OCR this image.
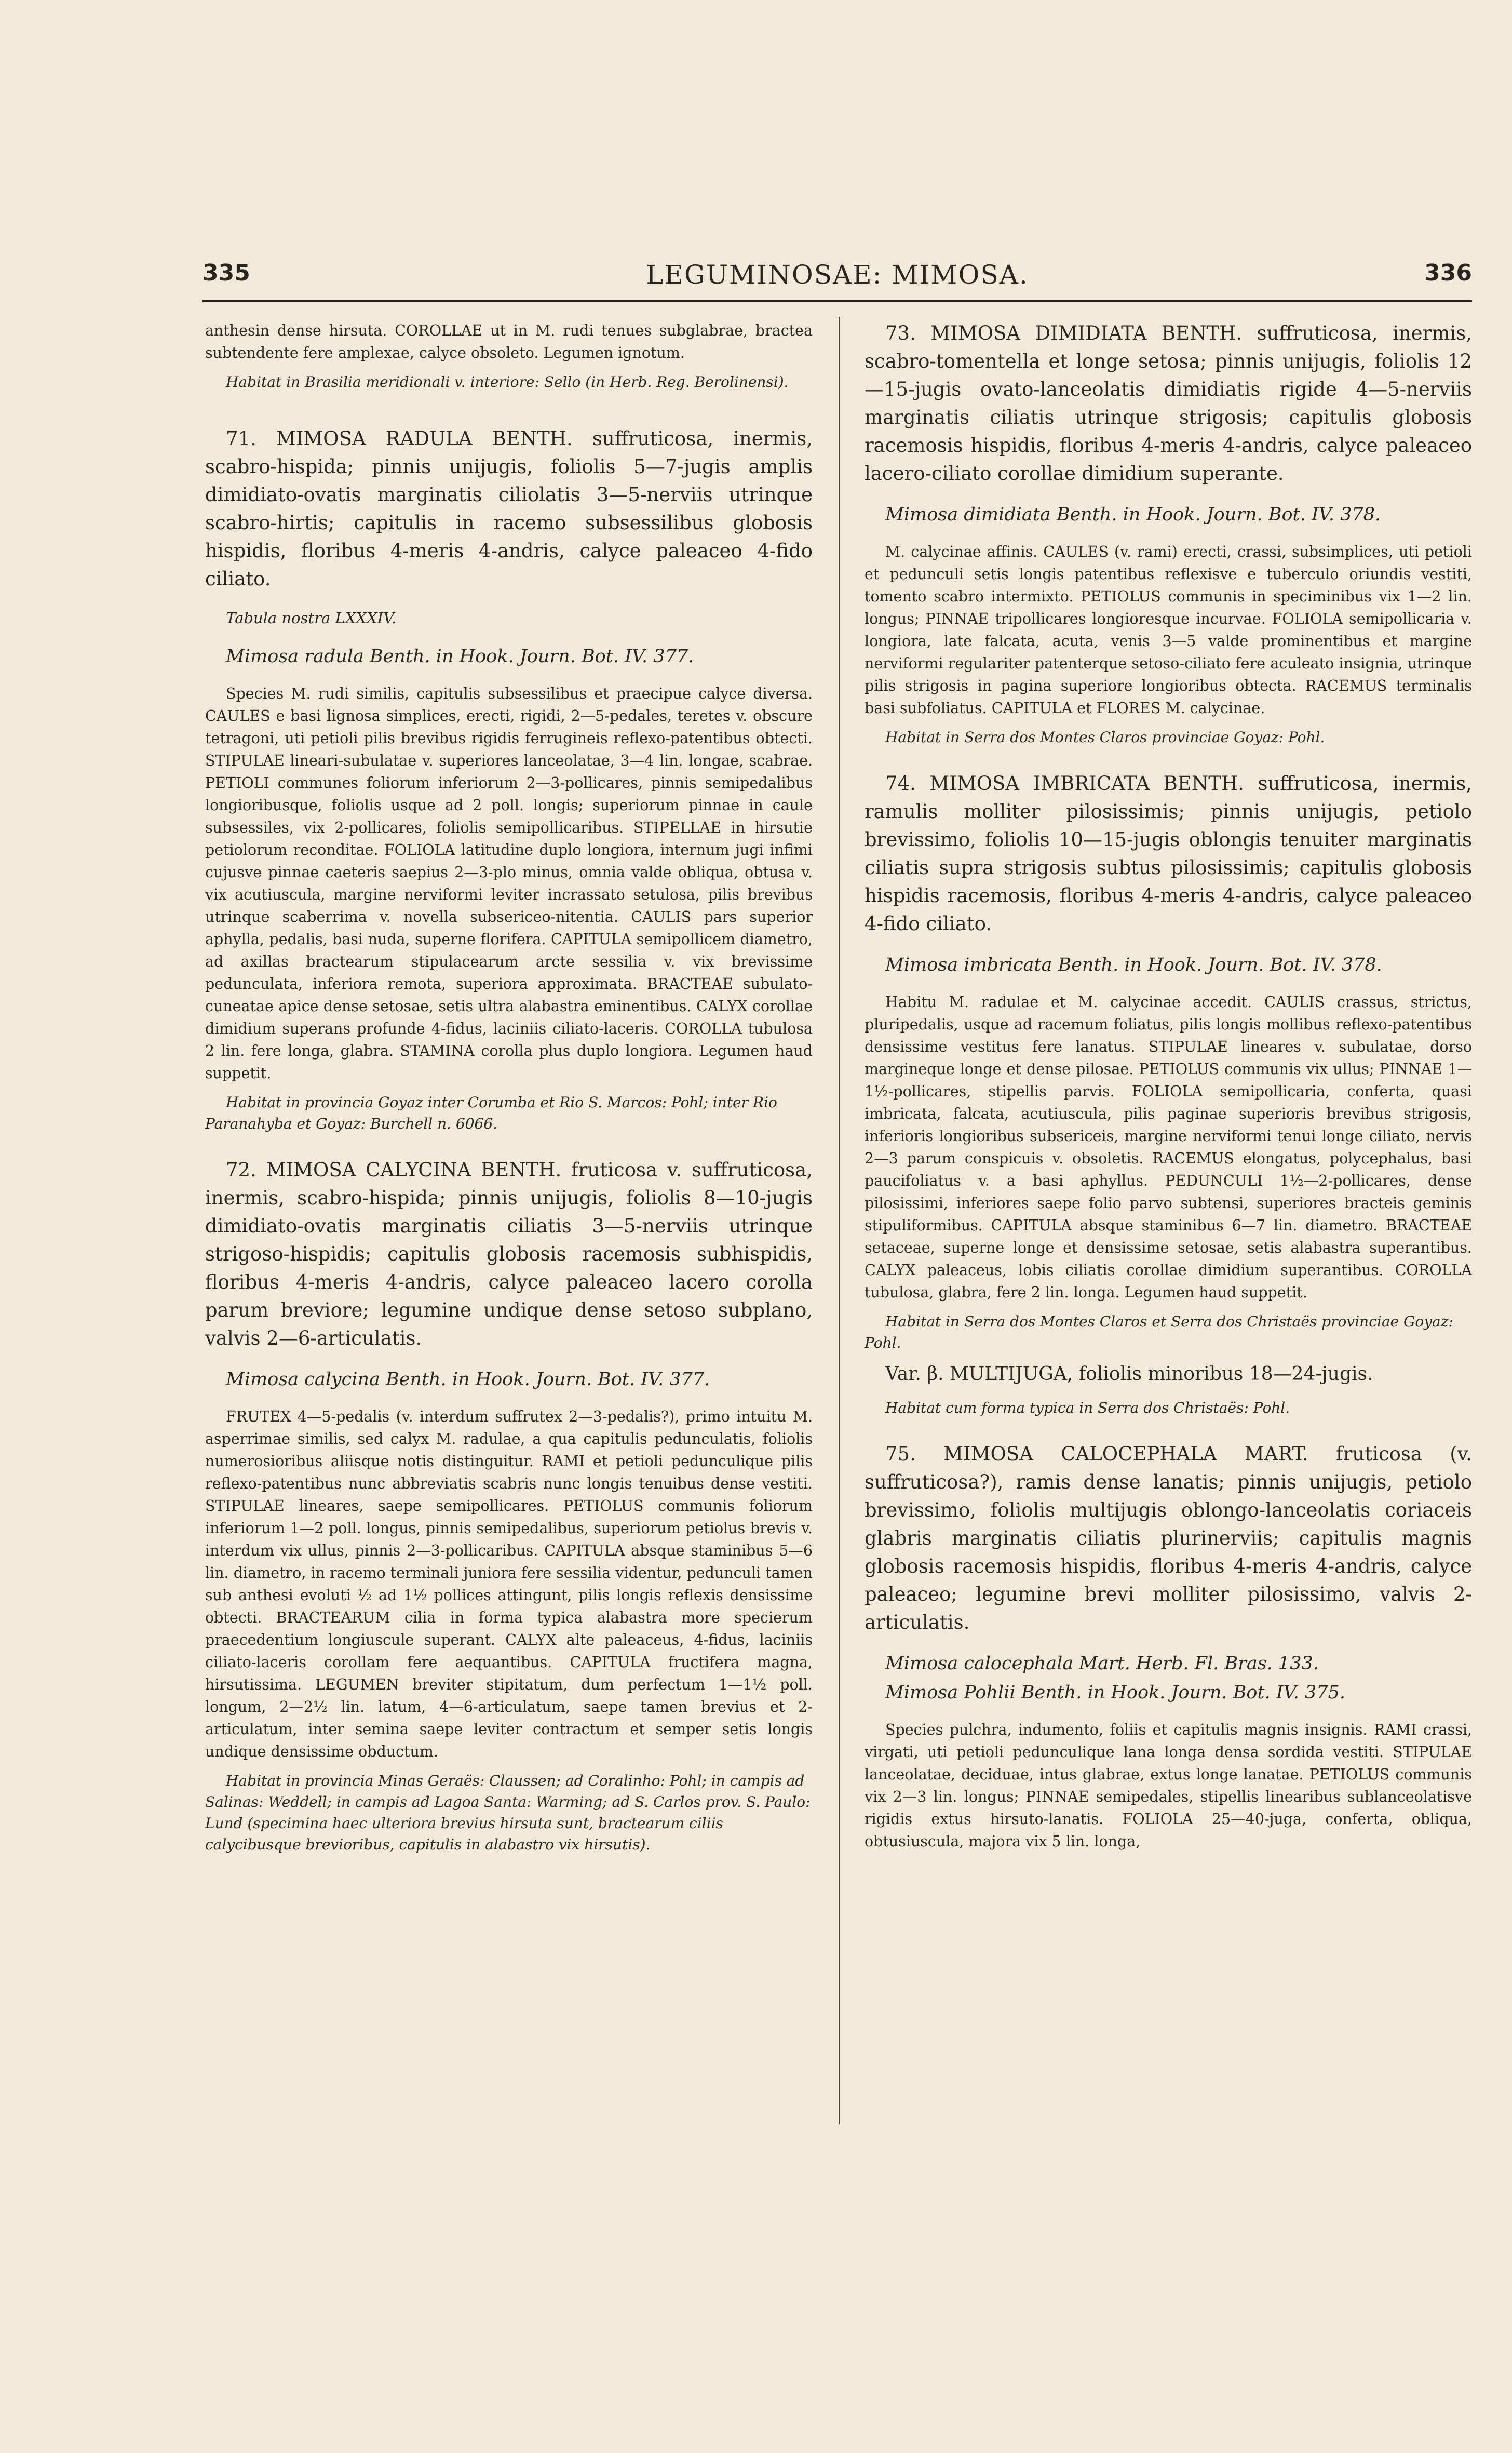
335	LEGUMINOSAE: MIMOSA.	336

anthesin dense hirsuta. COROLLAE ut in M. rudi tenues subglabrae, bractea subtendente fere amplexae, calyce obsoleto. Legumen ignotum.

Habitat in Brasilia meridionali v. interiore: Sello (in Herb. Reg. Berolinensi).

71. MIMOSA RADULA BENTH. suffruticosa, inermis, scabro-hispida; pinnis unijugis, foliolis 5—7-jugis amplis dimidiato-ovatis marginatis ciliolatis 3—5-nerviis utrinque scabro-hirtis; capitulis in racemo subsessilibus globosis hispidis, floribus 4-meris 4-andris, calyce paleaceo 4-fido ciliato.

Tabula nostra LXXXIV.

Mimosa radula Benth. in Hook. Journ. Bot. IV. 377.

Species M. rudi similis, capitulis subsessilibus et praecipue calyce diversa. CAULES e basi lignosa simplices, erecti, rigidi, 2—5-pedales, teretes v. obscure tetragoni, uti petioli pilis brevibus rigidis ferrugineis reflexo-patentibus obtecti. STIPULAE lineari-subulatae v. superiores lanceolatae, 3—4 lin. longae, scabrae. PETIOLI communes foliorum inferiorum 2—3-pollicares, pinnis semipedalibus longioribusque, foliolis usque ad 2 poll. longis; superiorum pinnae in caule subsessiles, vix 2-pollicares, foliolis semipollicaribus. STIPELLAE in hirsutie petiolorum reconditae. FOLIOLA latitudine duplo longiora, internum jugi infimi cujusve pinnae caeteris saepius 2—3-plo minus, omnia valde obliqua, obtusa v. vix acutiuscula, margine nerviformi leviter incrassato setulosa, pilis brevibus utrinque scaberrima v. novella subsericeo-nitentia. CAULIS pars superior aphylla, pedalis, basi nuda, superne florifera. CAPITULA semipollicem diametro, ad axillas bractearum stipulacearum arcte sessilia v. vix brevissime pedunculata, inferiora remota, superiora approximata. BRACTEAE subulato-cuneatae apice dense setosae, setis ultra alabastra eminentibus. CALYX corollae dimidium superans profunde 4-fidus, laciniis ciliato-laceris. COROLLA tubulosa 2 lin. fere longa, glabra. STAMINA corolla plus duplo longiora. Legumen haud suppetit.

Habitat in provincia Goyaz inter Corumba et Rio S. Marcos: Pohl; inter Rio Paranahyba et Goyaz: Burchell n. 6066.

72. MIMOSA CALYCINA BENTH. fruticosa v. suffruticosa, inermis, scabro-hispida; pinnis unijugis, foliolis 8—10-jugis dimidiato-ovatis marginatis ciliatis 3—5-nerviis utrinque strigoso-hispidis; capitulis globosis racemosis subhispidis, floribus 4-meris 4-andris, calyce paleaceo lacero corolla parum breviore; legumine undique dense setoso subplano, valvis 2—6-articulatis.

Mimosa calycina Benth. in Hook. Journ. Bot. IV. 377.

FRUTEX 4—5-pedalis (v. interdum suffrutex 2—3-pedalis?), primo intuitu M. asperrimae similis, sed calyx M. radulae, a qua capitulis pedunculatis, foliolis numerosioribus aliisque notis distinguitur. RAMI et petioli pedunculique pilis reflexo-patentibus nunc abbreviatis scabris nunc longis tenuibus dense vestiti. STIPULAE lineares, saepe semipollicares. PETIOLUS communis foliorum inferiorum 1—2 poll. longus, pinnis semipedalibus, superiorum petiolus brevis v. interdum vix ullus, pinnis 2—3-pollicaribus. CAPITULA absque staminibus 5—6 lin. diametro, in racemo terminali juniora fere sessilia videntur, pedunculi tamen sub anthesi evoluti ½ ad 1½ pollices attingunt, pilis longis reflexis densissime obtecti. BRACTEARUM cilia in forma typica alabastra more specierum praecedentium longiuscule superant. CALYX alte paleaceus, 4-fidus, laciniis ciliato-laceris corollam fere aequantibus. CAPITULA fructifera magna, hirsutissima. LEGUMEN breviter stipitatum, dum perfectum 1—1½ poll. longum, 2—2½ lin. latum, 4—6-articulatum, saepe tamen brevius et 2-articulatum, inter semina saepe leviter contractum et semper setis longis undique densissime obductum.

Habitat in provincia Minas Geraës: Claussen; ad Coralinho: Pohl; in campis ad Salinas: Weddell; in campis ad Lagoa Santa: Warming; ad S. Carlos prov. S. Paulo: Lund (specimina haec ulteriora brevius hirsuta sunt, bractearum ciliis calycibusque brevioribus, capitulis in alabastro vix hirsutis).

73. MIMOSA DIMIDIATA BENTH. suffruticosa, inermis, scabro-tomentella et longe setosa; pinnis unijugis, foliolis 12—15-jugis ovato-lanceolatis dimidiatis rigide 4—5-nerviis marginatis ciliatis utrinque strigosis; capitulis globosis racemosis hispidis, floribus 4-meris 4-andris, calyce paleaceo lacero-ciliato corollae dimidium superante.

Mimosa dimidiata Benth. in Hook. Journ. Bot. IV. 378.

M. calycinae affinis. CAULES (v. rami) erecti, crassi, subsimplices, uti petioli et pedunculi setis longis patentibus reflexisve e tuberculo oriundis vestiti, tomento scabro intermixto. PETIOLUS communis in speciminibus vix 1—2 lin. longus; PINNAE tripollicares longioresque incurvae. FOLIOLA semipollicaria v. longiora, late falcata, acuta, venis 3—5 valde prominentibus et margine nerviformi regulariter patenterque setoso-ciliato fere aculeato insignia, utrinque pilis strigosis in pagina superiore longioribus obtecta. RACEMUS terminalis basi subfoliatus. CAPITULA et FLORES M. calycinae.

Habitat in Serra dos Montes Claros provinciae Goyaz: Pohl.

74. MIMOSA IMBRICATA BENTH. suffruticosa, inermis, ramulis molliter pilosissimis; pinnis unijugis, petiolo brevissimo, foliolis 10—15-jugis oblongis tenuiter marginatis ciliatis supra strigosis subtus pilosissimis; capitulis globosis hispidis racemosis, floribus 4-meris 4-andris, calyce paleaceo 4-fido ciliato.

Mimosa imbricata Benth. in Hook. Journ. Bot. IV. 378.

Habitu M. radulae et M. calycinae accedit. CAULIS crassus, strictus, pluripedalis, usque ad racemum foliatus, pilis longis mollibus reflexo-patentibus densissime vestitus fere lanatus. STIPULAE lineares v. subulatae, dorso margineque longe et dense pilosae. PETIOLUS communis vix ullus; PINNAE 1—1½-pollicares, stipellis parvis. FOLIOLA semipollicaria, conferta, quasi imbricata, falcata, acutiuscula, pilis paginae superioris brevibus strigosis, inferioris longioribus subsericeis, margine nerviformi tenui longe ciliato, nervis 2—3 parum conspicuis v. obsoletis. RACEMUS elongatus, polycephalus, basi paucifoliatus v. a basi aphyllus. PEDUNCULI 1½—2-pollicares, dense pilosissimi, inferiores saepe folio parvo subtensi, superiores bracteis geminis stipuliformibus. CAPITULA absque staminibus 6—7 lin. diametro. BRACTEAE setaceae, superne longe et densissime setosae, setis alabastra superantibus. CALYX paleaceus, lobis ciliatis corollae dimidium superantibus. COROLLA tubulosa, glabra, fere 2 lin. longa. Legumen haud suppetit.

Habitat in Serra dos Montes Claros et Serra dos Christaës provinciae Goyaz: Pohl.

Var. β. MULTIJUGA, foliolis minoribus 18—24-jugis.

Habitat cum forma typica in Serra dos Christaës: Pohl.

75. MIMOSA CALOCEPHALA MART. fruticosa (v. suffruticosa?), ramis dense lanatis; pinnis unijugis, petiolo brevissimo, foliolis multijugis oblongo-lanceolatis coriaceis glabris marginatis ciliatis plurinerviis; capitulis magnis globosis racemosis hispidis, floribus 4-meris 4-andris, calyce paleaceo; legumine brevi molliter pilosissimo, valvis 2-articulatis.

Mimosa calocephala Mart. Herb. Fl. Bras. 133.

Mimosa Pohlii Benth. in Hook. Journ. Bot. IV. 375.

Species pulchra, indumento, foliis et capitulis magnis insignis. RAMI crassi, virgati, uti petioli pedunculique lana longa densa sordida vestiti. STIPULAE lanceolatae, deciduae, intus glabrae, extus longe lanatae. PETIOLUS communis vix 2—3 lin. longus; PINNAE semipedales, stipellis linearibus sublanceolatisve rigidis extus hirsuto-lanatis. FOLIOLA 25—40-juga, conferta, obliqua, obtusiuscula, majora vix 5 lin. longa,
